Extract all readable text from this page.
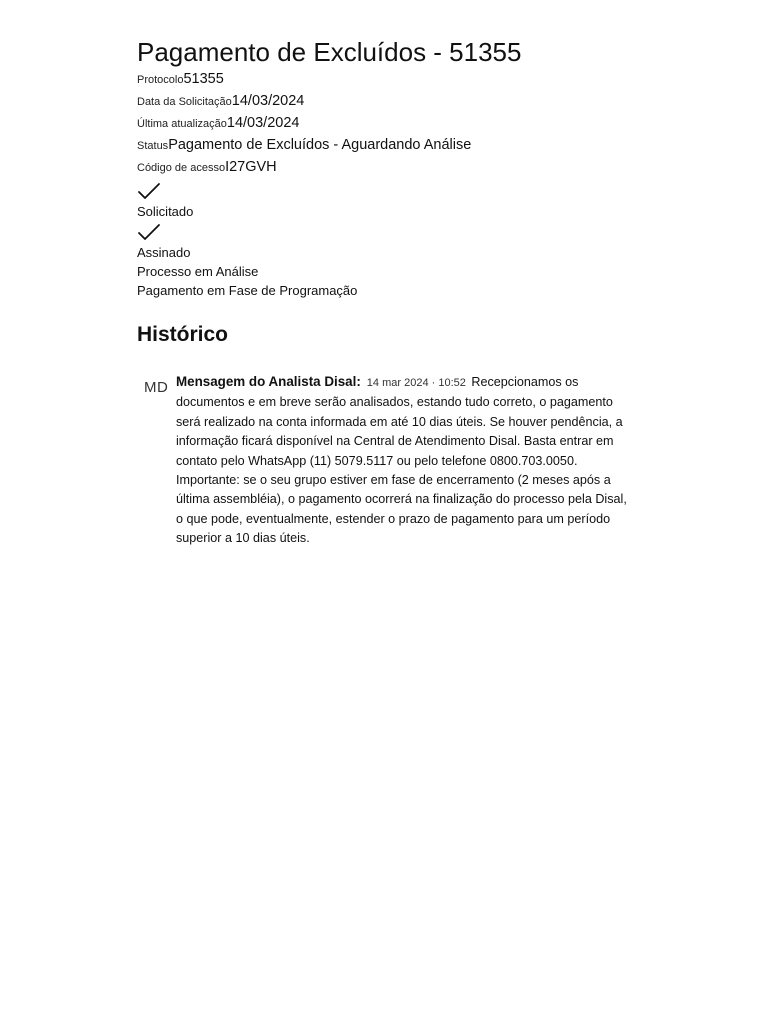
Pagamento de Excluídos - 51355
Protocolo 51355
Data da Solicitação 14/03/2024
Última atualização 14/03/2024
Status Pagamento de Excluídos - Aguardando Análise
Código de acesso I27GVH
Solicitado
Assinado
Processo em Análise
Pagamento em Fase de Programação
Histórico
MD Mensagem do Analista Disal: 14 mar 2024 · 10:52 Recepcionamos os documentos e em breve serão analisados, estando tudo correto, o pagamento será realizado na conta informada em até 10 dias úteis. Se houver pendência, a informação ficará disponível na Central de Atendimento Disal. Basta entrar em contato pelo WhatsApp (11) 5079.5117 ou pelo telefone 0800.703.0050. Importante: se o seu grupo estiver em fase de encerramento (2 meses após a última assembléia), o pagamento ocorrerá na finalização do processo pela Disal, o que pode, eventualmente, estender o prazo de pagamento para um período superior a 10 dias úteis.
